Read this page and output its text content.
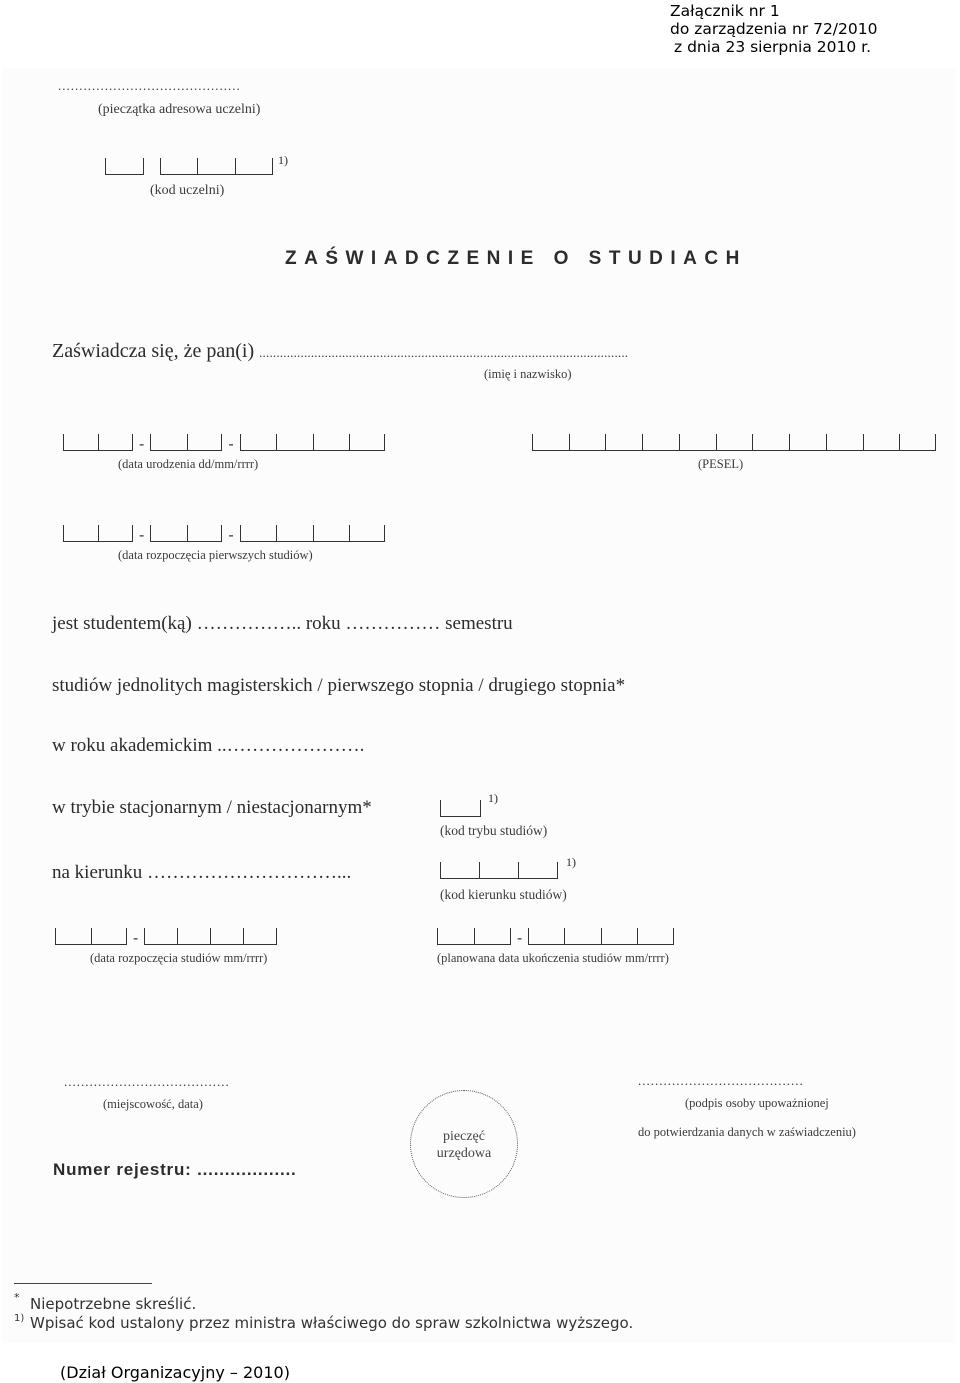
Załącznik nr 1
do zarządzenia nr 72/2010
z dnia 23 sierpnia 2010 r.
...........................................
(pieczątka adresowa uczelni)
1)
(kod uczelni)
ZAŚWIADCZENIE O STUDIACH
Zaświadcza się, że pan(i) ...........................................................................................................
(imię i nazwisko)
-	-
(data urodzenia dd/mm/rrrr)	(PESEL)
-	-
(data rozpoczęcia pierwszych studiów)
jest studentem(ką) …………….. roku …………… semestru
studiów jednolitych magisterskich / pierwszego stopnia / drugiego stopnia*
w roku akademickim ..………………….
w trybie stacjonarnym / niestacjonarnym*	1)
(kod trybu studiów)
na kierunku …………………………...	1)
(kod kierunku studiów)
-
(data rozpoczęcia studiów mm/rrrr)
-
(planowana data ukończenia studiów mm/rrrr)
.......................................
(miejscowość, data)
pieczęć
urzędowa
.......................................
(podpis osoby upoważnionej
do potwierdzania danych w zaświadczeniu)
Numer rejestru: ..................
* Niepotrzebne skreślić.
1) Wpisać kod ustalony przez ministra właściwego do spraw szkolnictwa wyższego.
(Dział Organizacyjny – 2010)
